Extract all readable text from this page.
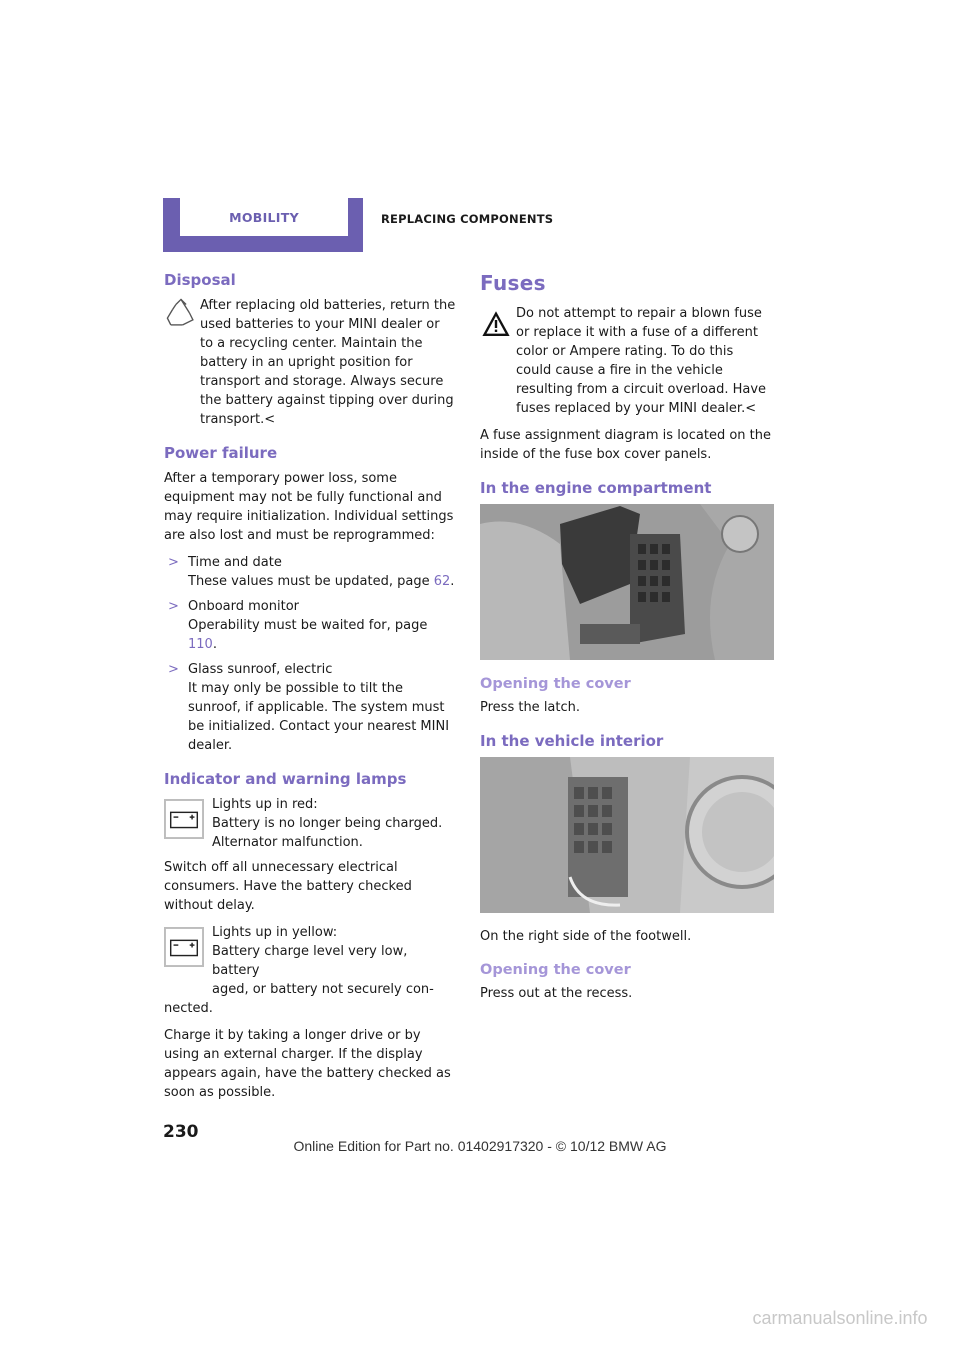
MOBILITY	REPLACING COMPONENTS
Disposal

After replacing old batteries, return the used batteries to your MINI dealer or to a recycling center. Maintain the battery in an upright position for transport and storage. Always secure the battery against tipping over during transport.<

Power failure

After a temporary power loss, some equipment may not be fully functional and may require initialization. Individual settings are also lost and must be reprogrammed:

> Time and date
These values must be updated, page 62.
> Onboard monitor
Operability must be waited for, page 110.
> Glass sunroof, electric
It may only be possible to tilt the sunroof, if applicable. The system must be initialized. Contact your nearest MINI dealer.
Indicator and warning lamps
Lights up in red:
Battery is no longer being charged.
Alternator malfunction.

Switch off all unnecessary electrical consumers. Have the battery checked without delay.

Lights up in yellow:
Battery charge level very low, battery
aged, or battery not securely con-

nected.

Charge it by taking a longer drive or by using an external charger. If the display appears again, have the battery checked as soon as possible.

Fuses

Do not attempt to repair a blown fuse or replace it with a fuse of a different color or Ampere rating. To do this could cause a fire in the vehicle resulting from a circuit overload. Have fuses replaced by your MINI dealer.<

A fuse assignment diagram is located on the inside of the fuse box cover panels.

In the engine compartment
Opening the cover

Press the latch.

In the vehicle interior

On the right side of the footwell.

Opening the cover

Press out at the recess.

230
Online Edition for Part no. 01402917320 - © 10/12 BMW AG
carmanualsonline.info
